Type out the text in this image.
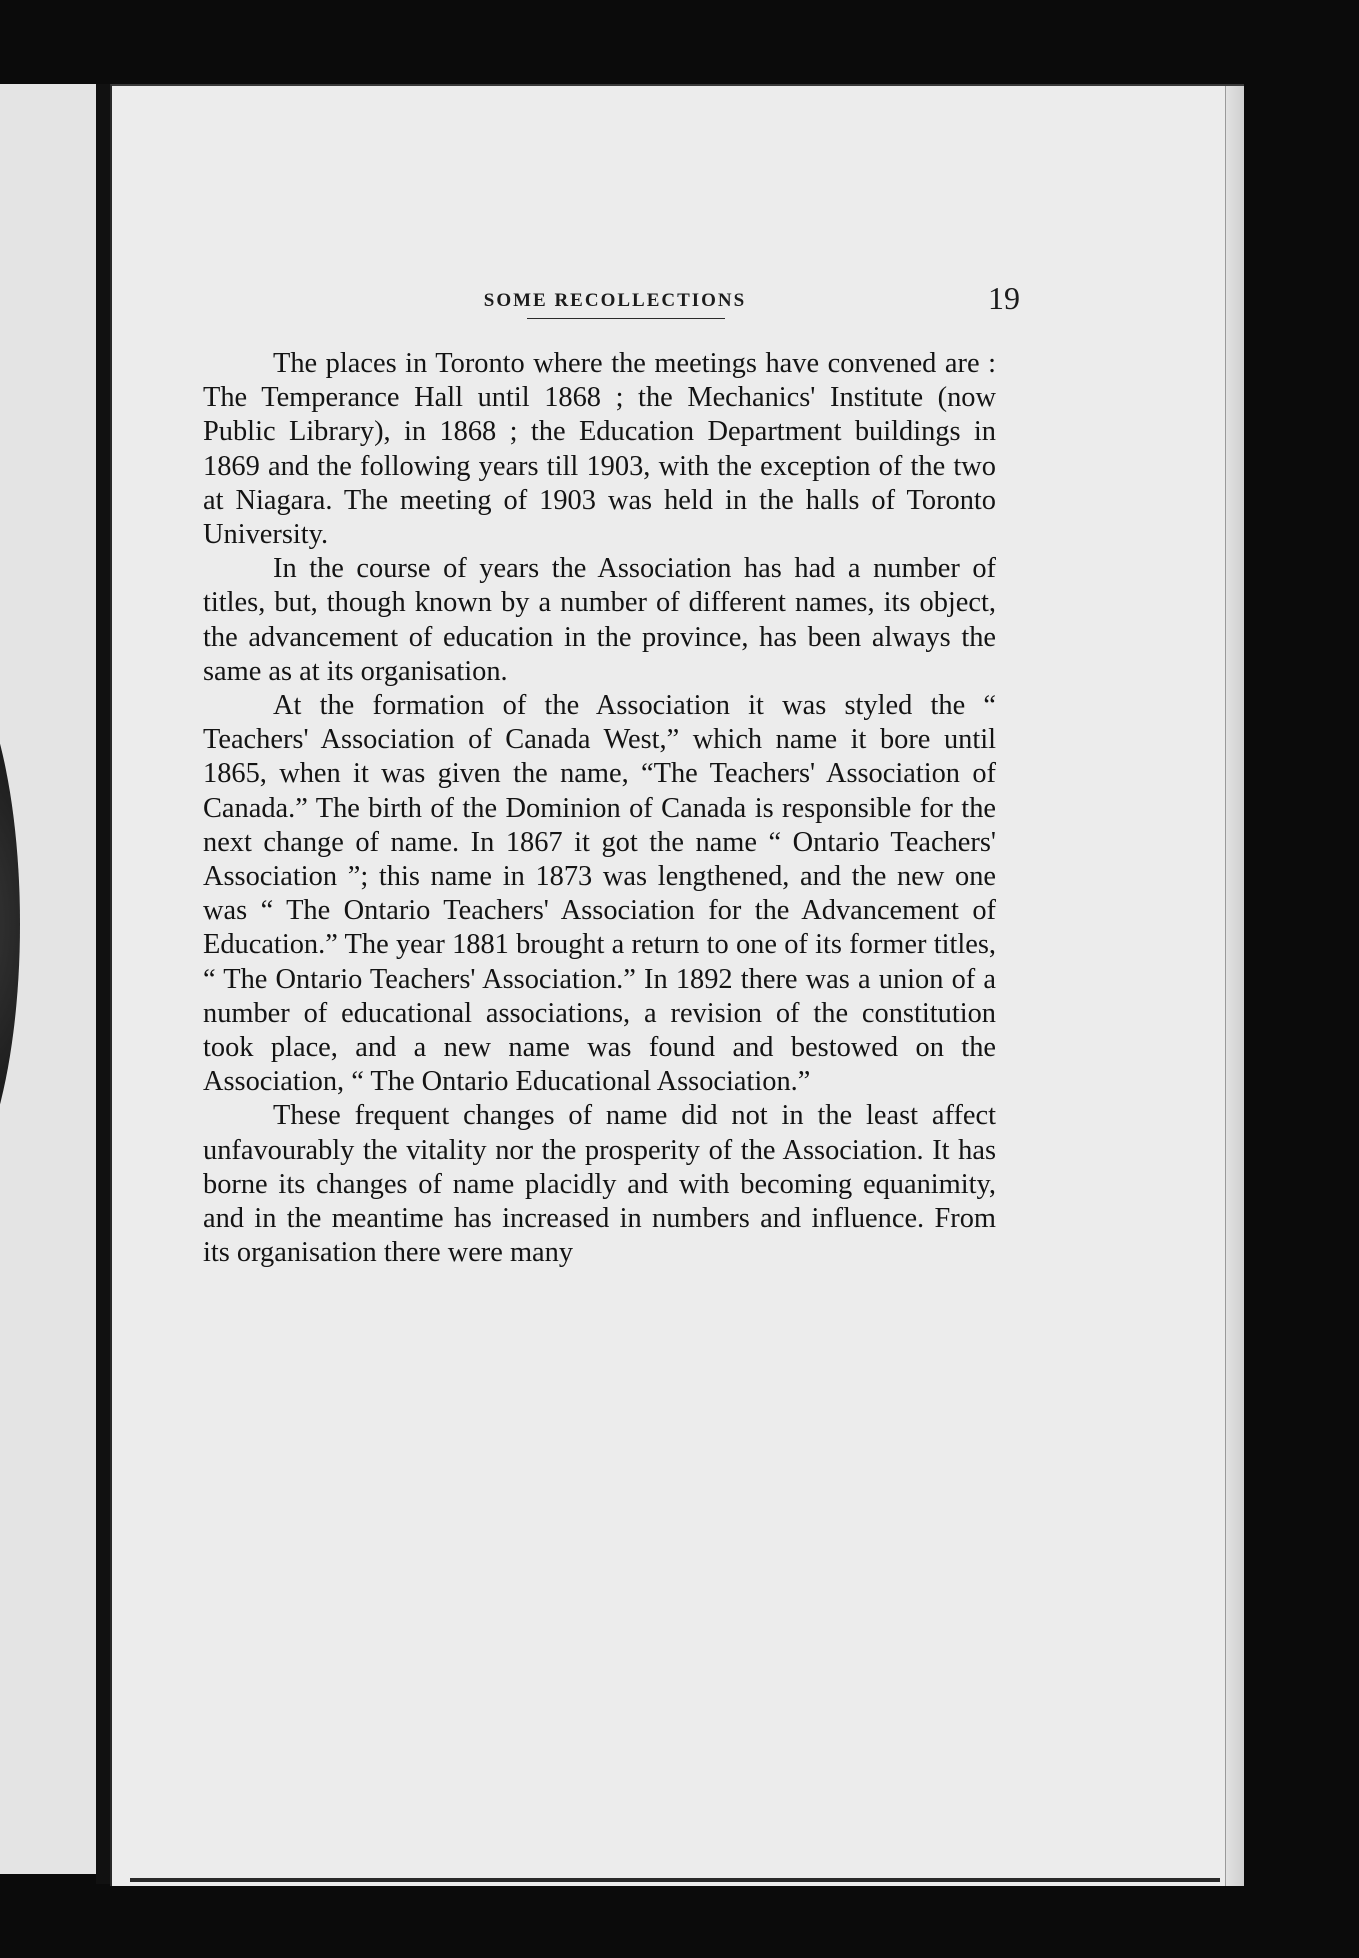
SOME RECOLLECTIONS	19

The places in Toronto where the meetings have convened are : The Temperance Hall until 1868 ; the Mechanics' Institute (now Public Library), in 1868 ; the Education Department buildings in 1869 and the following years till 1903, with the exception of the two at Niagara. The meeting of 1903 was held in the halls of Toronto University.

In the course of years the Association has had a number of titles, but, though known by a number of different names, its object, the advancement of education in the province, has been always the same as at its organisation.

At the formation of the Association it was styled the “ Teachers' Association of Canada West,” which name it bore until 1865, when it was given the name, “The Teachers' Association of Canada.” The birth of the Dominion of Canada is responsible for the next change of name. In 1867 it got the name “ Ontario Teachers' Association ”; this name in 1873 was lengthened, and the new one was “ The Ontario Teachers' Association for the Advancement of Education.” The year 1881 brought a return to one of its former titles, “ The Ontario Teachers' Association.” In 1892 there was a union of a number of educational associations, a revision of the constitution took place, and a new name was found and bestowed on the Association, “ The Ontario Educational Association.”

These frequent changes of name did not in the least affect unfavourably the vitality nor the prosperity of the Association. It has borne its changes of name placidly and with becoming equanimity, and in the meantime has increased in numbers and influence. From its organisation there were many
